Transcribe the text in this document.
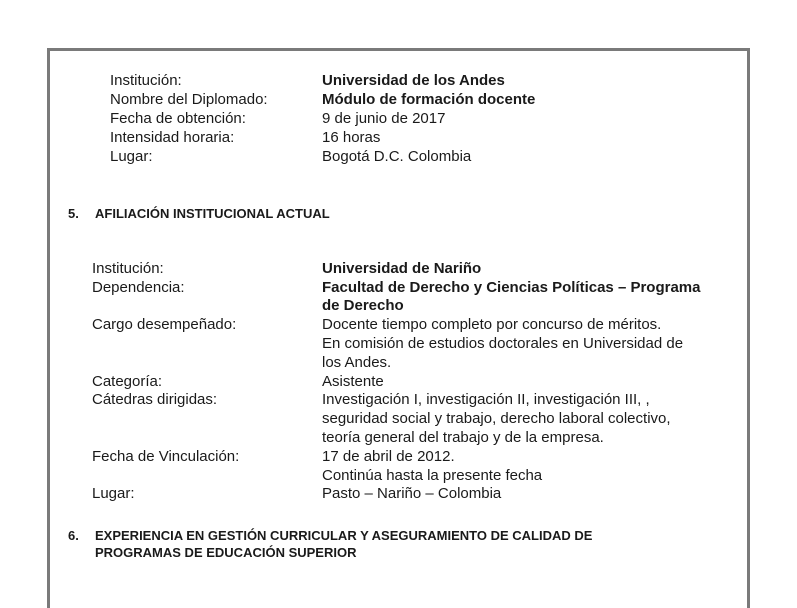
Institución:	Universidad de los Andes
Nombre del Diplomado:	Módulo de formación docente
Fecha de obtención:	9 de junio de 2017
Intensidad horaria:	16 horas
Lugar:	Bogotá D.C. Colombia
5. AFILIACIÓN INSTITUCIONAL ACTUAL
Institución:	Universidad de Nariño
Dependencia:	Facultad de Derecho y Ciencias Políticas – Programa
de Derecho
Cargo desempeñado:	Docente tiempo completo por concurso de méritos.
En comisión de estudios doctorales en Universidad de
los Andes.
Categoría:	Asistente
Cátedras dirigidas:	Investigación I, investigación II, investigación III, ,
seguridad social y trabajo, derecho laboral colectivo,
teoría general del trabajo y de la empresa.
Fecha de Vinculación:	17 de abril de 2012.
Continúa hasta la presente fecha
Lugar:	Pasto – Nariño – Colombia
6. EXPERIENCIA EN GESTIÓN CURRICULAR Y ASEGURAMIENTO DE CALIDAD DE
PROGRAMAS DE EDUCACIÓN SUPERIOR
